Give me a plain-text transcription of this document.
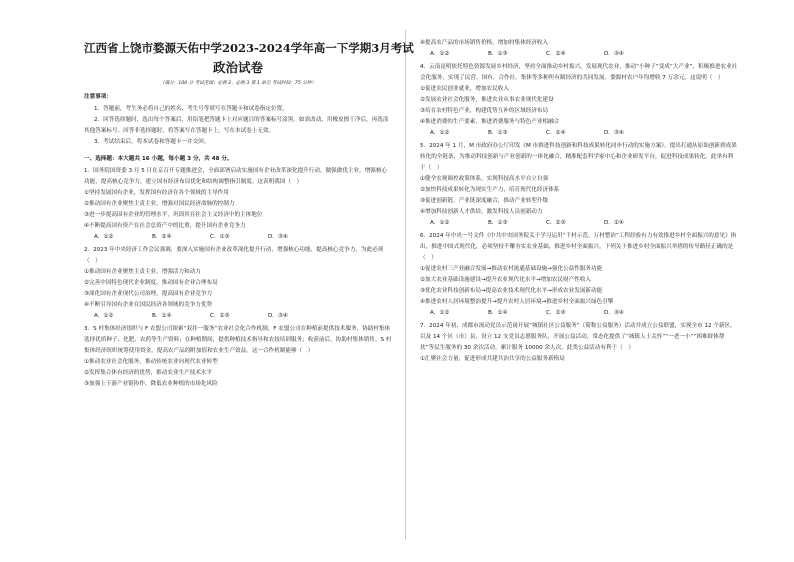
江西省上饶市婺源天佑中学2023-2024学年高一下学期3月考试
政治试卷
（满分：100 分 考试范围：必修 2、必修 3 第 1 单元 考试时间：75 分钟）
注意事项：

1．答题前，考生务必将自己的姓名、考生号等填写在答题卡和试卷指定位置。

2．回答选择题时，选出每个答案后，用铅笔把答题卡上对应题目的答案标号涂黑。如需改动，用橡皮擦干净后，再选涂其他答案标号。回答非选择题时，将答案写在答题卡上。写在本试卷上无效。

3．考试结束后，将本试卷和答题卡一并交回。

一、选择题：本大题共 16 小题，每小题 3 分，共 48 分。

1．国务院国资委 3 月 5 日在京召开专题推进会，全面部署启动实施国有企业改革深化提升行动，做强做优主业，增强核心功能，提高核心竞争力，建立国有经济布局优化和结构调整指引制度。这表明我国（　）

①坚持发展国有企业，发挥国有经济在各个领域的主导作用

②推动国有企业聚焦主责主业，增强对国民经济命脉的控制力

③进一步提高国有企业的管理水平，巩固其在社会主义经济中的主体地位

④不断提高国有资产在社会总资产中的比重，提升国有企业竞争力

A．①②	B．②④	C．①③	D．③④

2．2023 年中央经济工作会议强调，要深入实施国有企业改革深化提升行动，增强核心功能、提高核心竞争力。为此必须（　）

①推动国有企业聚焦主责主业，增强活力和动力

②完善中国特色现代企业制度，推动国有企业合理布局

③深化国有企业现代公司治理，提高国有企业竞争力

④不断引导国有企业在国民经济各领域的竞争力优势

A．①②	B．①④	C．②③	D．③④

3．S 村集体经济组织与 F 农盟公司探索“双挂一服务”农业社会化合作机制，F 农盟公司在种植前提供技术服务，协助村集体选择优质种子、化肥、农药等生产资料；在种植期间，提供种植技术指导和农技培训服务；收获前后，协助村集体销售。S 村集体经济组织统筹使用资金，提高农产品的附加值和农业生产效益。这一合作机制能够（　）

①推动农业社会化服务，推动传统农业向现代农业转型

②发挥集合体有经济的优势，推动农业生产技术水平

③加强上下游产业链协作，降低农业种植的市场化风险

④提高农产品的市场销售价格，增加村集体经济收入

A．①②	B．①③	C．②④	D．③④

4．云南昆明依托特色资源发展乡村经济，坚持全面推动乡村振兴，发展现代农业，推动“小种子”变成“大产业”，积极推进农业社会化服务，实现了民营、国有、合作社、集体等多种所有制经济的共同发展。婺源村农户年均增收 7 万余元。这说明（　）

①促进农民创业就业，增加农民收入

②发展农业社会化服务，推进农业从事农业现代化建设

③培育农村特色产业，构建优势互补的区域经济布局

④推进消费的生产要素，推进消费服务与特色产业相融合

A．①②	B．①③	C．②④	D．③④

5．2024 年 1 月，M 市政府办公厅印发《M 市推进科技创新和科技成果转化同步行动的实施方案》，提出打通从原始创新到成果转化的全链条，为推动科技创新与产业创新的一体化融合，精准配套科学家中心和企业研发平台，促进科技成果转化。此举有利于（　）

①健全宏观调控政策体系，实现科技高水平自立自强

②加快科技成果转化为现实生产力，培育现代化经济体系

③促进创新链、产业链深度融合，推动产业转型升级

④增加科技创新人才供给，激发科技人员创新动力

A．①②	B．①③	C．②③	D．②④

6．2024 年中央一号文件《中共中央国务院关于学习运用“千村示范、万村整治”工程经验有力有效推进乡村全面振兴的意见》指出，推进中国式现代化，必须坚持不懈夯实农业基础，推进乡村全面振兴。下列关于推进乡村全面振兴举措的传导路径正确的是（　）

①促进农村三产业融合发展→推动农村流通基础设施→强化公益性服务功能

②加大农业基础设施建设→提升农业现代化水平→增加农民财产性收入

③优化农业科技创新布局→提高农业技术现代化水平→形成农业发展新动能

④推进农村人居环境整治提升→提升农村人居环境→推进乡村全面振兴绿色引擎

A．①②	B．①④	C．②③	D．③④

7．2024 年初，成都市流动党员示范岗开展“城镇社区公益服务”（简称公益服务）活动并成立公益联盟，实现全市 12 个新区，以及 14 个区（市）县，设立 12 支党员志愿服务队，开展公益活动，常态化提供了“城镇人士关怀”“一老一小”“困难群体帮扶”等民生服务的 30 余次活动，累计服务 10000 余人次。此类公益活动有利于（　）

①汇聚社会力量，促进形成共建共治共享的公益服务新格局
